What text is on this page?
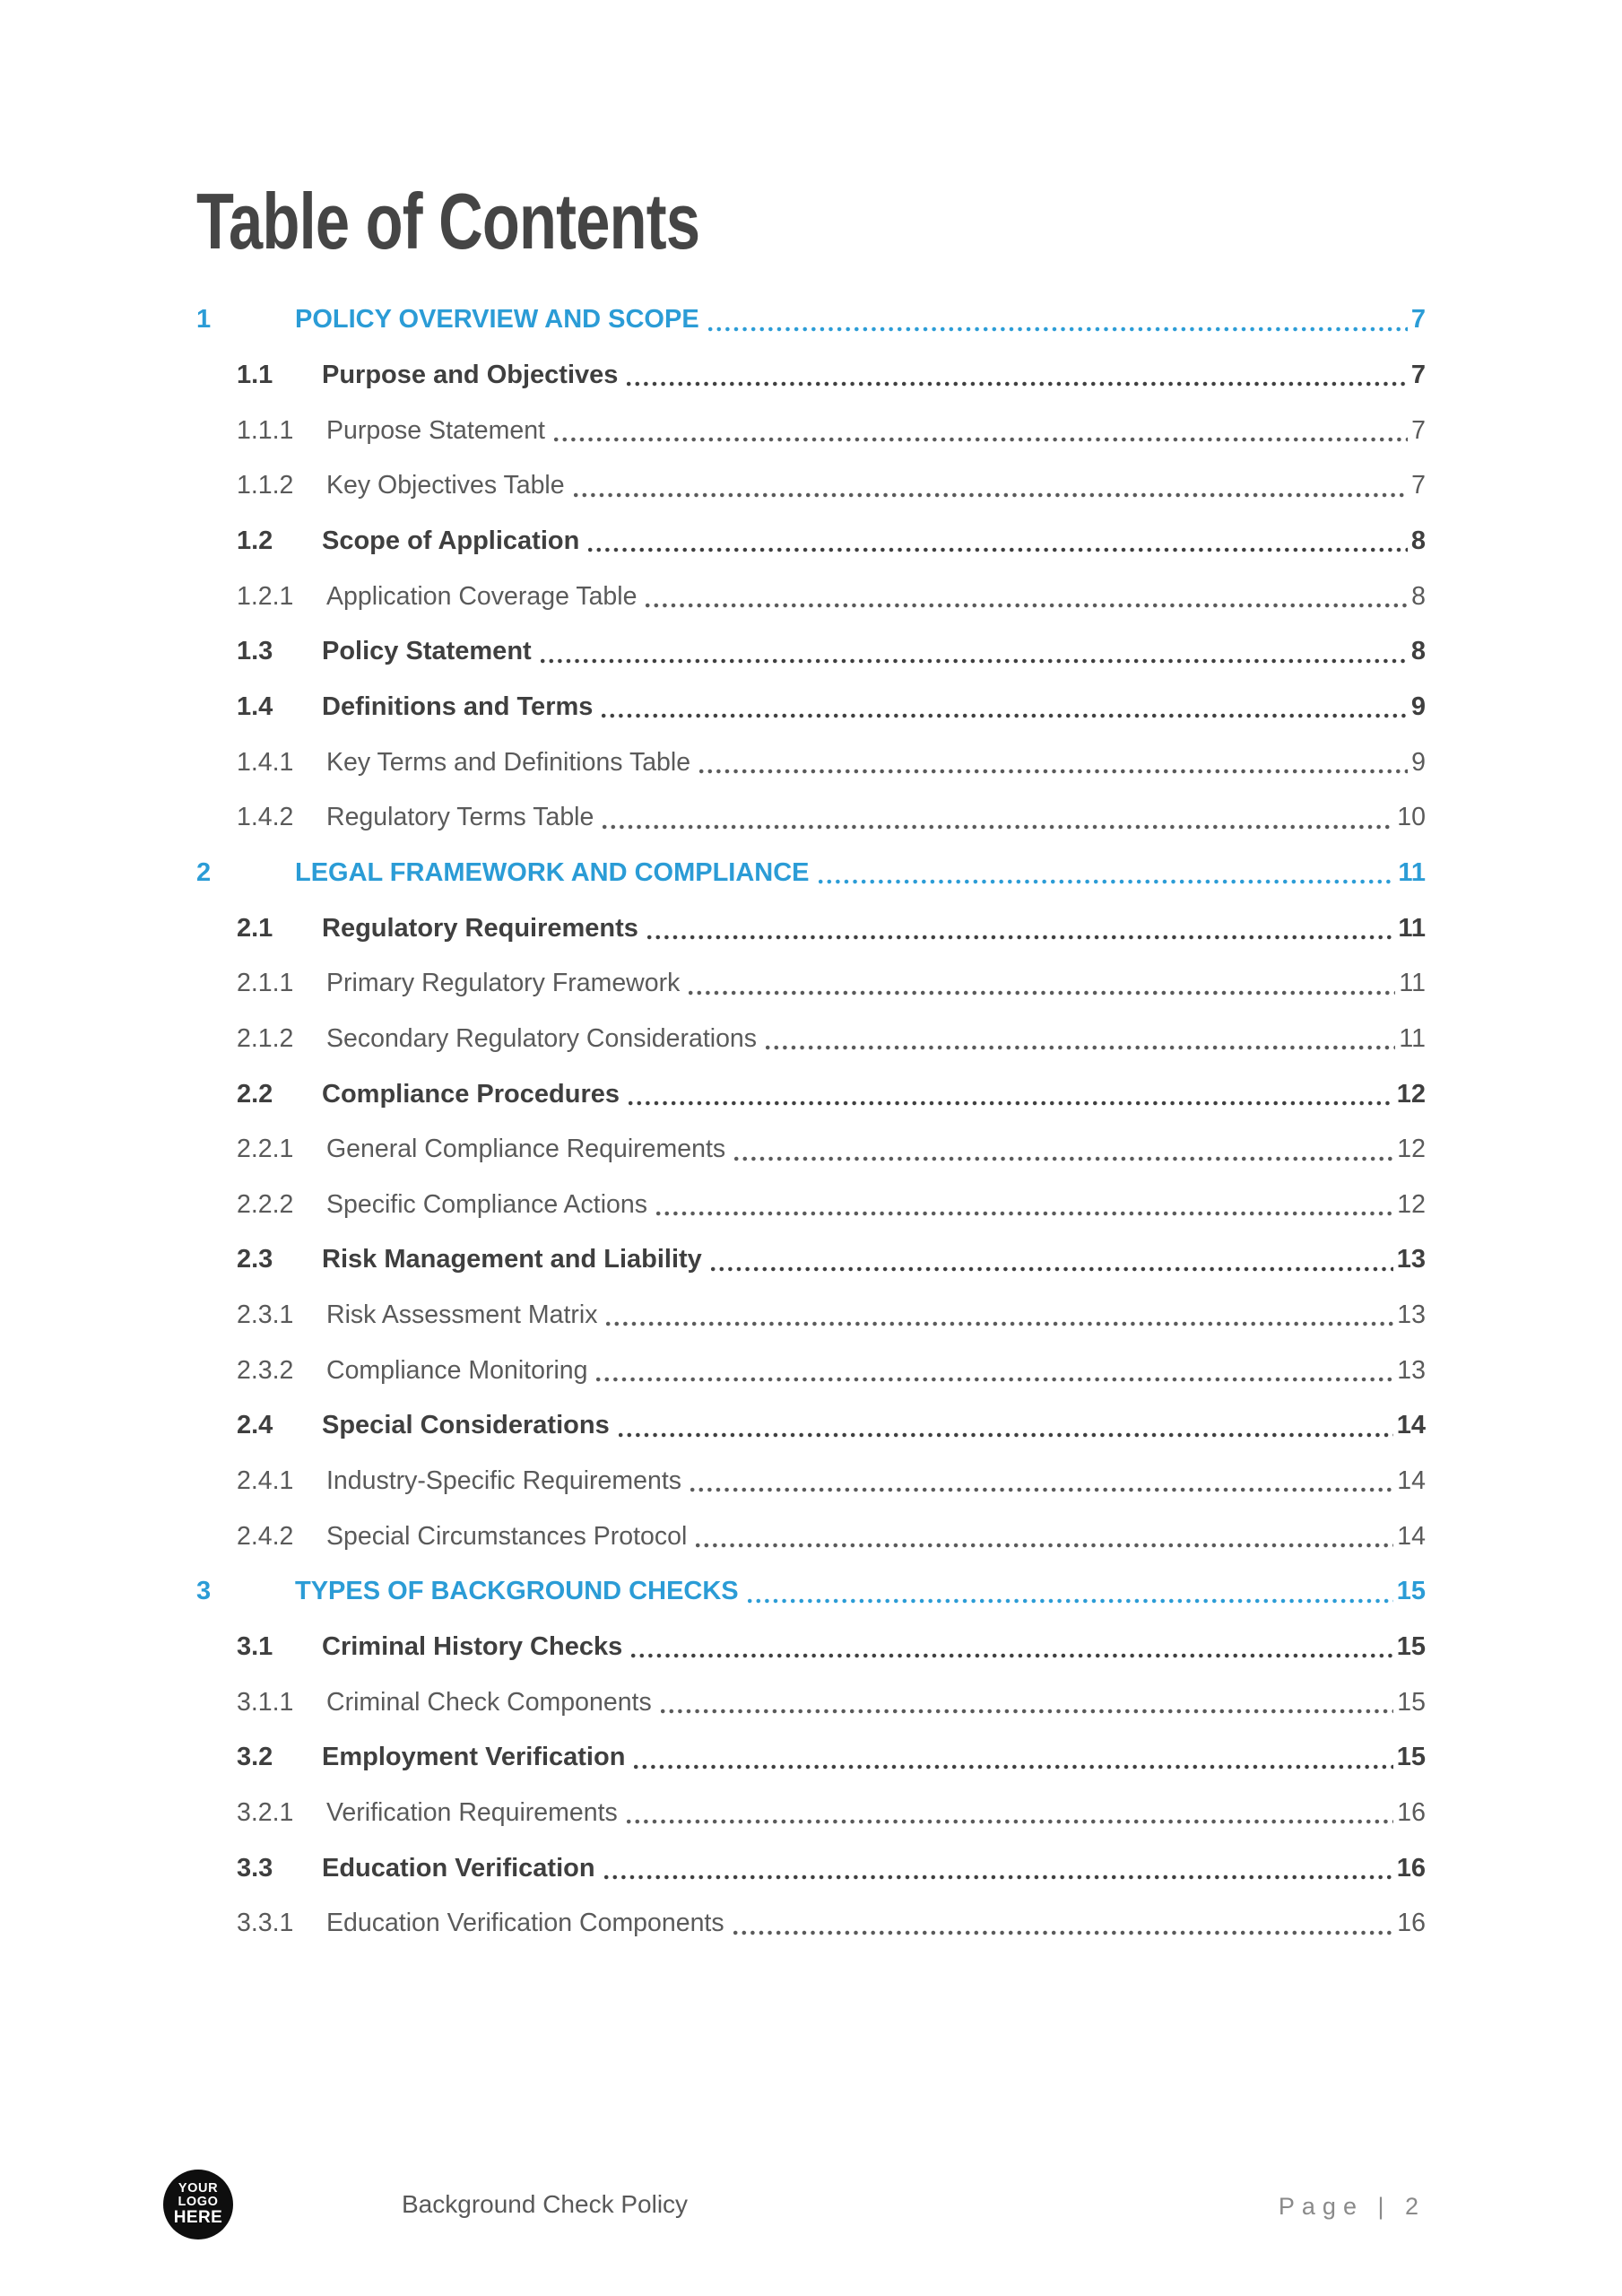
Table of Contents
1	POLICY OVERVIEW AND SCOPE	7
1.1	Purpose and Objectives	7
1.1.1	Purpose Statement	7
1.1.2	Key Objectives Table	7
1.2	Scope of Application	8
1.2.1	Application Coverage Table	8
1.3	Policy Statement	8
1.4	Definitions and Terms	9
1.4.1	Key Terms and Definitions Table	9
1.4.2	Regulatory Terms Table	10
2	LEGAL FRAMEWORK AND COMPLIANCE	11
2.1	Regulatory Requirements	11
2.1.1	Primary Regulatory Framework	11
2.1.2	Secondary Regulatory Considerations	11
2.2	Compliance Procedures	12
2.2.1	General Compliance Requirements	12
2.2.2	Specific Compliance Actions	12
2.3	Risk Management and Liability	13
2.3.1	Risk Assessment Matrix	13
2.3.2	Compliance Monitoring	13
2.4	Special Considerations	14
2.4.1	Industry-Specific Requirements	14
2.4.2	Special Circumstances Protocol	14
3	TYPES OF BACKGROUND CHECKS	15
3.1	Criminal History Checks	15
3.1.1	Criminal Check Components	15
3.2	Employment Verification	15
3.2.1	Verification Requirements	16
3.3	Education Verification	16
3.3.1	Education Verification Components	16
YOUR
LOGO
HERE	Background Check Policy	Page | 2
